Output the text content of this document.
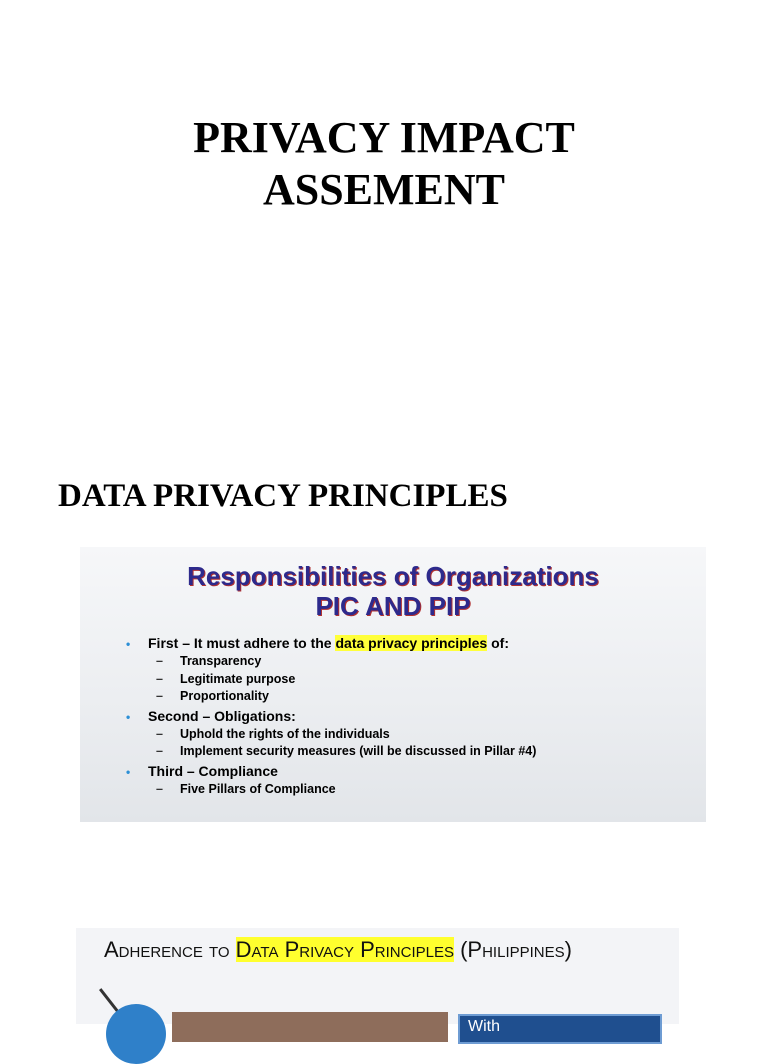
PRIVACY IMPACT
ASSEMENT
DATA PRIVACY PRINCIPLES
Responsibilities of Organizations
PIC AND PIP
•	First – It must adhere to the data privacy principles of:
–	Transparency
–	Legitimate purpose
–	Proportionality
•	Second – Obligations:
–	Uphold the rights of the individuals
–	Implement security measures (will be discussed in Pillar #4)
•	Third – Compliance
–	Five Pillars of Compliance
Adherence to Data Privacy Principles (Philippines)
With
